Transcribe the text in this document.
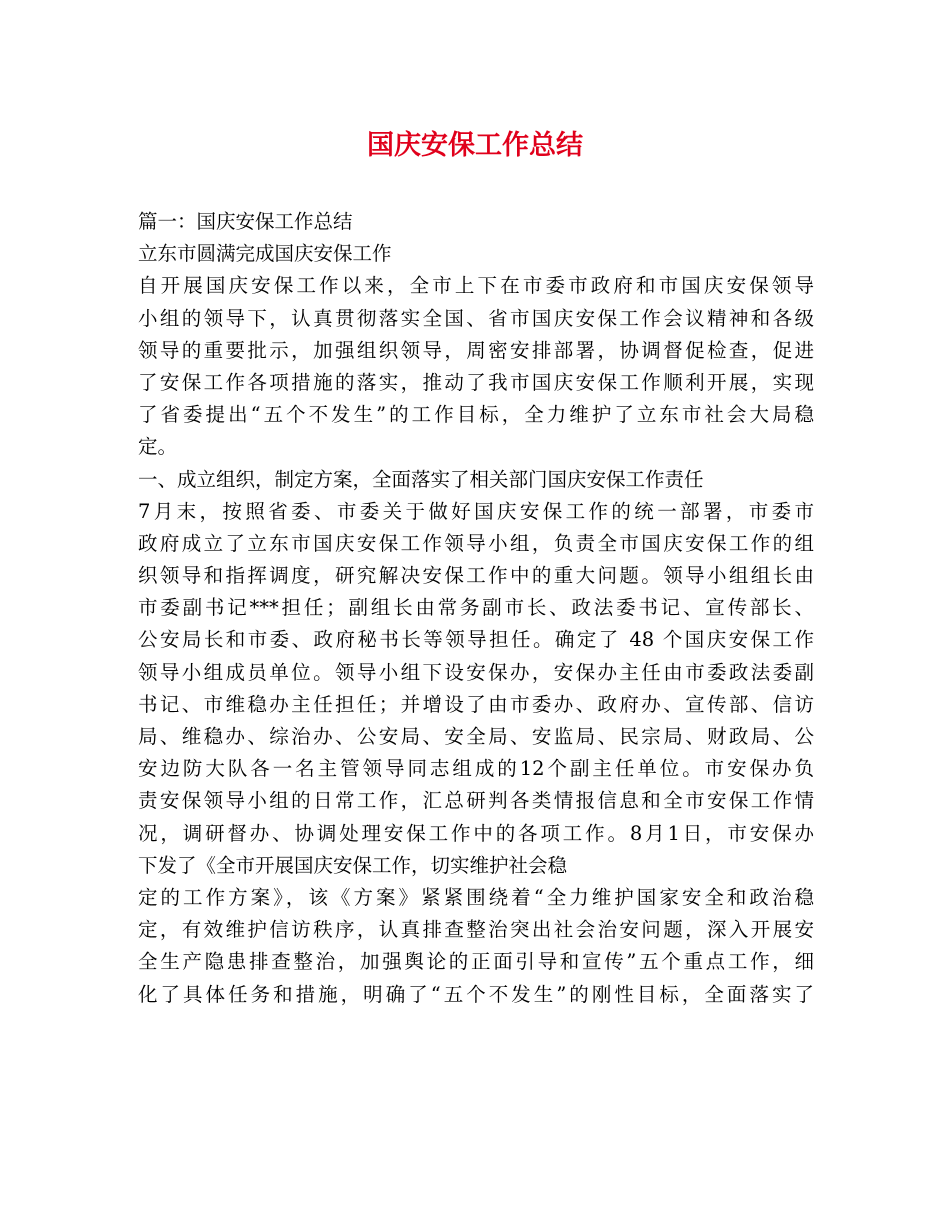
国庆安保工作总结
篇一：国庆安保工作总结
立东市圆满完成国庆安保工作
自开展国庆安保工作以来，全市上下在市委市政府和市国庆安保领导
小组的领导下，认真贯彻落实全国、省市国庆安保工作会议精神和各级
领导的重要批示，加强组织领导，周密安排部署，协调督促检查，促进
了安保工作各项措施的落实，推动了我市国庆安保工作顺利开展，实现
了省委提出“五个不发生”的工作目标，全力维护了立东市社会大局稳
定。
一、成立组织，制定方案，全面落实了相关部门国庆安保工作责任
7月末，按照省委、市委关于做好国庆安保工作的统一部署，市委市
政府成立了立东市国庆安保工作领导小组，负责全市国庆安保工作的组
织领导和指挥调度，研究解决安保工作中的重大问题。领导小组组长由
市委副书记***担任；副组长由常务副市长、政法委书记、宣传部长、
公安局长和市委、政府秘书长等领导担任。确定了 48 个国庆安保工作
领导小组成员单位。领导小组下设安保办，安保办主任由市委政法委副
书记、市维稳办主任担任；并增设了由市委办、政府办、宣传部、信访
局、维稳办、综治办、公安局、安全局、安监局、民宗局、财政局、公
安边防大队各一名主管领导同志组成的12个副主任单位。市安保办负
责安保领导小组的日常工作，汇总研判各类情报信息和全市安保工作情
况，调研督办、协调处理安保工作中的各项工作。8月1日，市安保办
下发了《全市开展国庆安保工作，切实维护社会稳
定的工作方案》，该《方案》紧紧围绕着“全力维护国家安全和政治稳
定，有效维护信访秩序，认真排查整治突出社会治安问题，深入开展安
全生产隐患排查整治，加强舆论的正面引导和宣传”五个重点工作，细
化了具体任务和措施，明确了“五个不发生”的刚性目标，全面落实了
